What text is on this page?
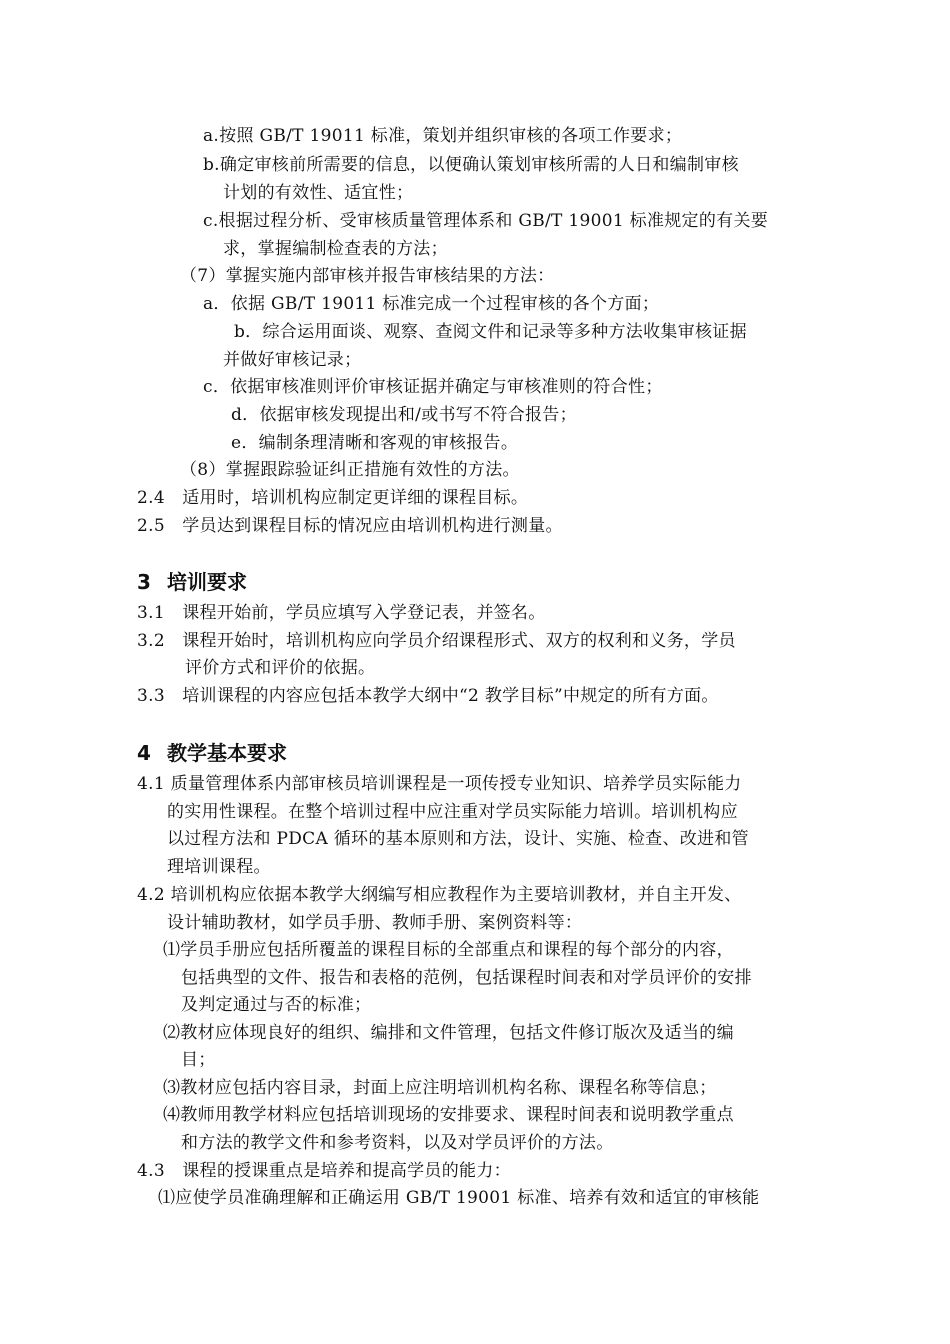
a.按照 GB/T 19011 标准，策划并组织审核的各项工作要求；
b.确定审核前所需要的信息，以便确认策划审核所需的人日和编制审核
计划的有效性、适宜性；
c.根据过程分析、受审核质量管理体系和 GB/T 19001 标准规定的有关要
求，掌握编制检查表的方法；
（7）掌握实施内部审核并报告审核结果的方法：
a．依据 GB/T 19011 标准完成一个过程审核的各个方面；
b．综合运用面谈、观察、查阅文件和记录等多种方法收集审核证据
并做好审核记录；
c．依据审核准则评价审核证据并确定与审核准则的符合性；
d．依据审核发现提出和/或书写不符合报告；
e．编制条理清晰和客观的审核报告。
（8）掌握跟踪验证纠正措施有效性的方法。
2.4　适用时，培训机构应制定更详细的课程目标。
2.5　学员达到课程目标的情况应由培训机构进行测量。
3 培训要求
3.1　课程开始前，学员应填写入学登记表，并签名。
3.2　课程开始时，培训机构应向学员介绍课程形式、双方的权利和义务，学员
评价方式和评价的依据。
3.3　培训课程的内容应包括本教学大纲中“2 教学目标”中规定的所有方面。
4 教学基本要求
4.1 质量管理体系内部审核员培训课程是一项传授专业知识、培养学员实际能力
的实用性课程。在整个培训过程中应注重对学员实际能力培训。培训机构应
以过程方法和 PDCA 循环的基本原则和方法，设计、实施、检查、改进和管
理培训课程。
4.2 培训机构应依据本教学大纲编写相应教程作为主要培训教材，并自主开发、
设计辅助教材，如学员手册、教师手册、案例资料等：
⑴学员手册应包括所覆盖的课程目标的全部重点和课程的每个部分的内容，
包括典型的文件、报告和表格的范例，包括课程时间表和对学员评价的安排
及判定通过与否的标准；
⑵教材应体现良好的组织、编排和文件管理，包括文件修订版次及适当的编
目；
⑶教材应包括内容目录，封面上应注明培训机构名称、课程名称等信息；
⑷教师用教学材料应包括培训现场的安排要求、课程时间表和说明教学重点
和方法的教学文件和参考资料，以及对学员评价的方法。
4.3　课程的授课重点是培养和提高学员的能力：
⑴应使学员准确理解和正确运用 GB/T 19001 标准、培养有效和适宜的审核能
